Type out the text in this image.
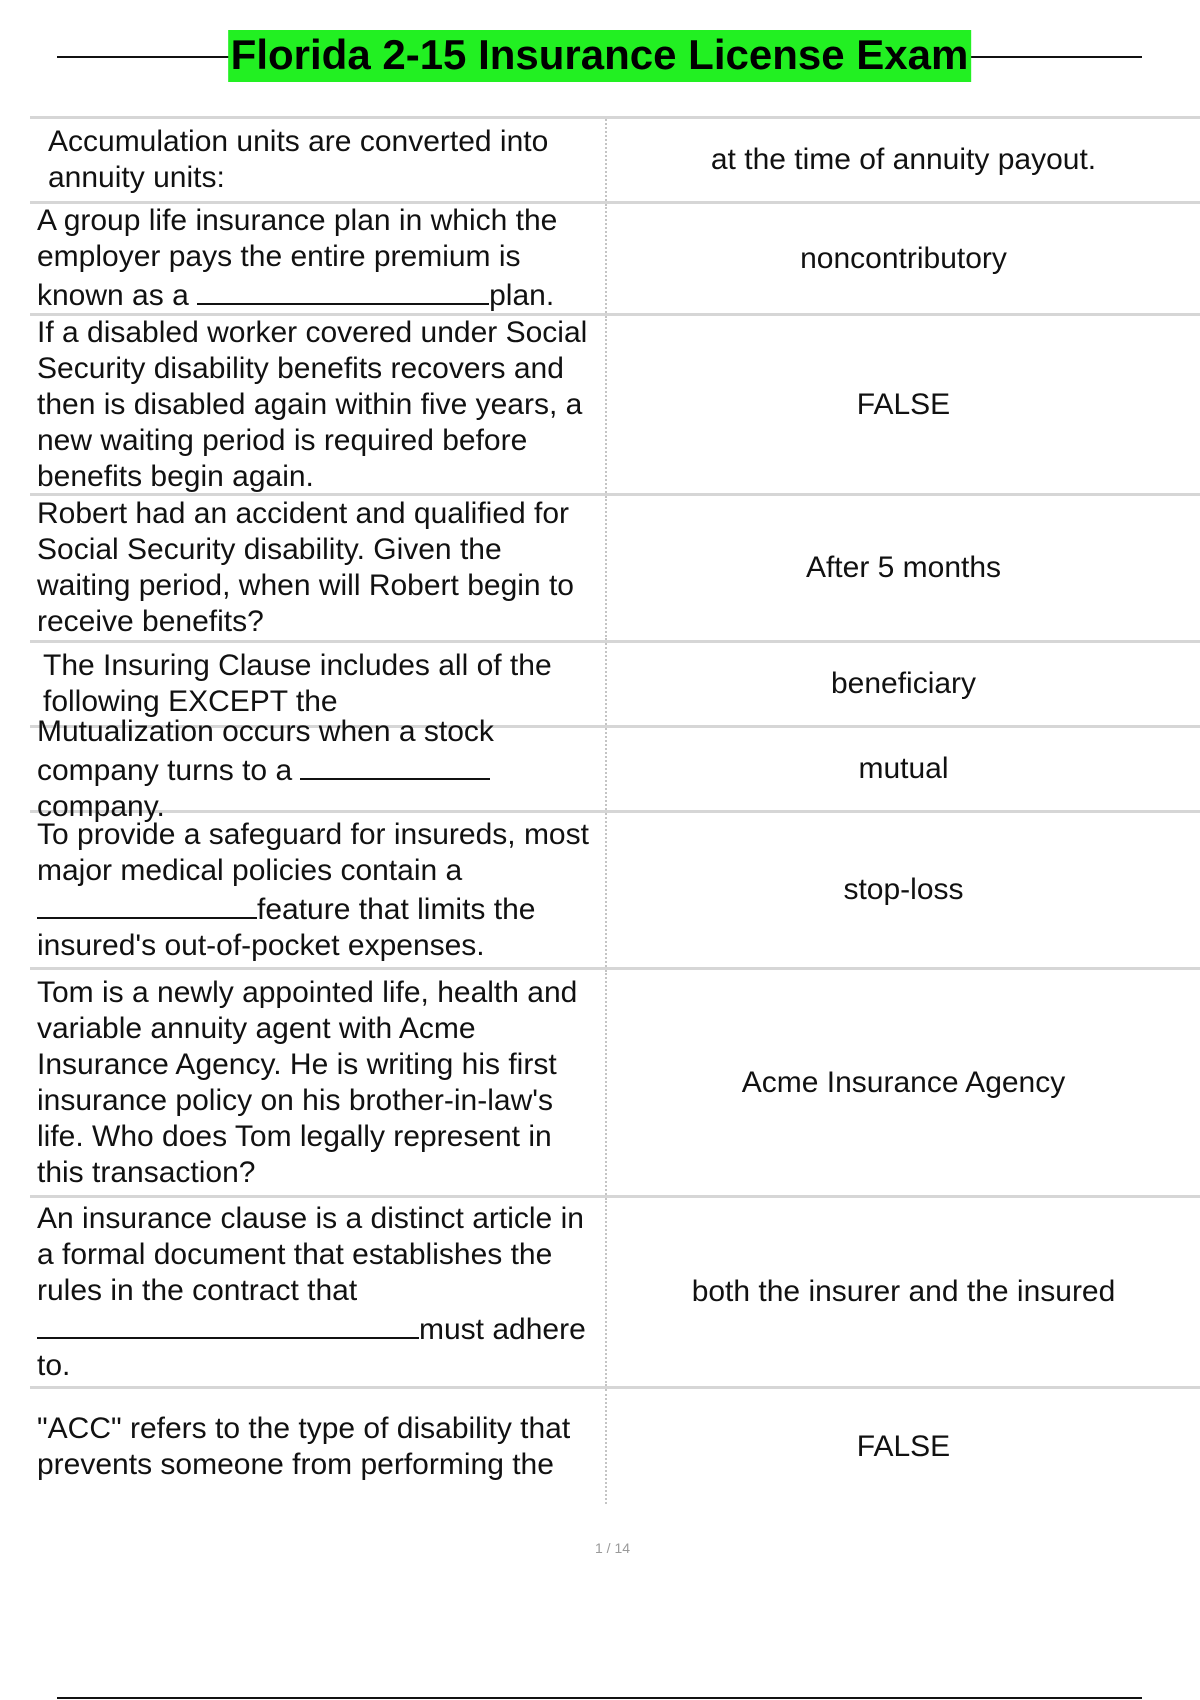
Florida 2-15 Insurance License Exam
Accumulation units are converted into annuity units:
at the time of annuity payout.
A group life insurance plan in which the employer pays the entire premium is known as a	plan.
noncontributory
If a disabled worker covered under Social Security disability benefits recovers and then is disabled again within five years, a new waiting period is required before benefits begin again.
FALSE
Robert had an accident and qualified for Social Security disability. Given the waiting period, when will Robert begin to receive benefits?
After 5 months
The Insuring Clause includes all of the following EXCEPT the
beneficiary
Mutualization occurs when a stock company turns to a company.
mutual
To provide a safeguard for insureds, most major medical policies contain a feature that limits the insured's out-of-pocket expenses.
stop-loss
Tom is a newly appointed life, health and variable annuity agent with Acme Insurance Agency. He is writing his first insurance policy on his brother-in-law's life. Who does Tom legally represent in this transaction?
Acme Insurance Agency
An insurance clause is a distinct article in a formal document that establishes the rules in the contract that must adhere to.
both the insurer and the insured
"ACC" refers to the type of disability that prevents someone from performing the
FALSE
1 / 14
